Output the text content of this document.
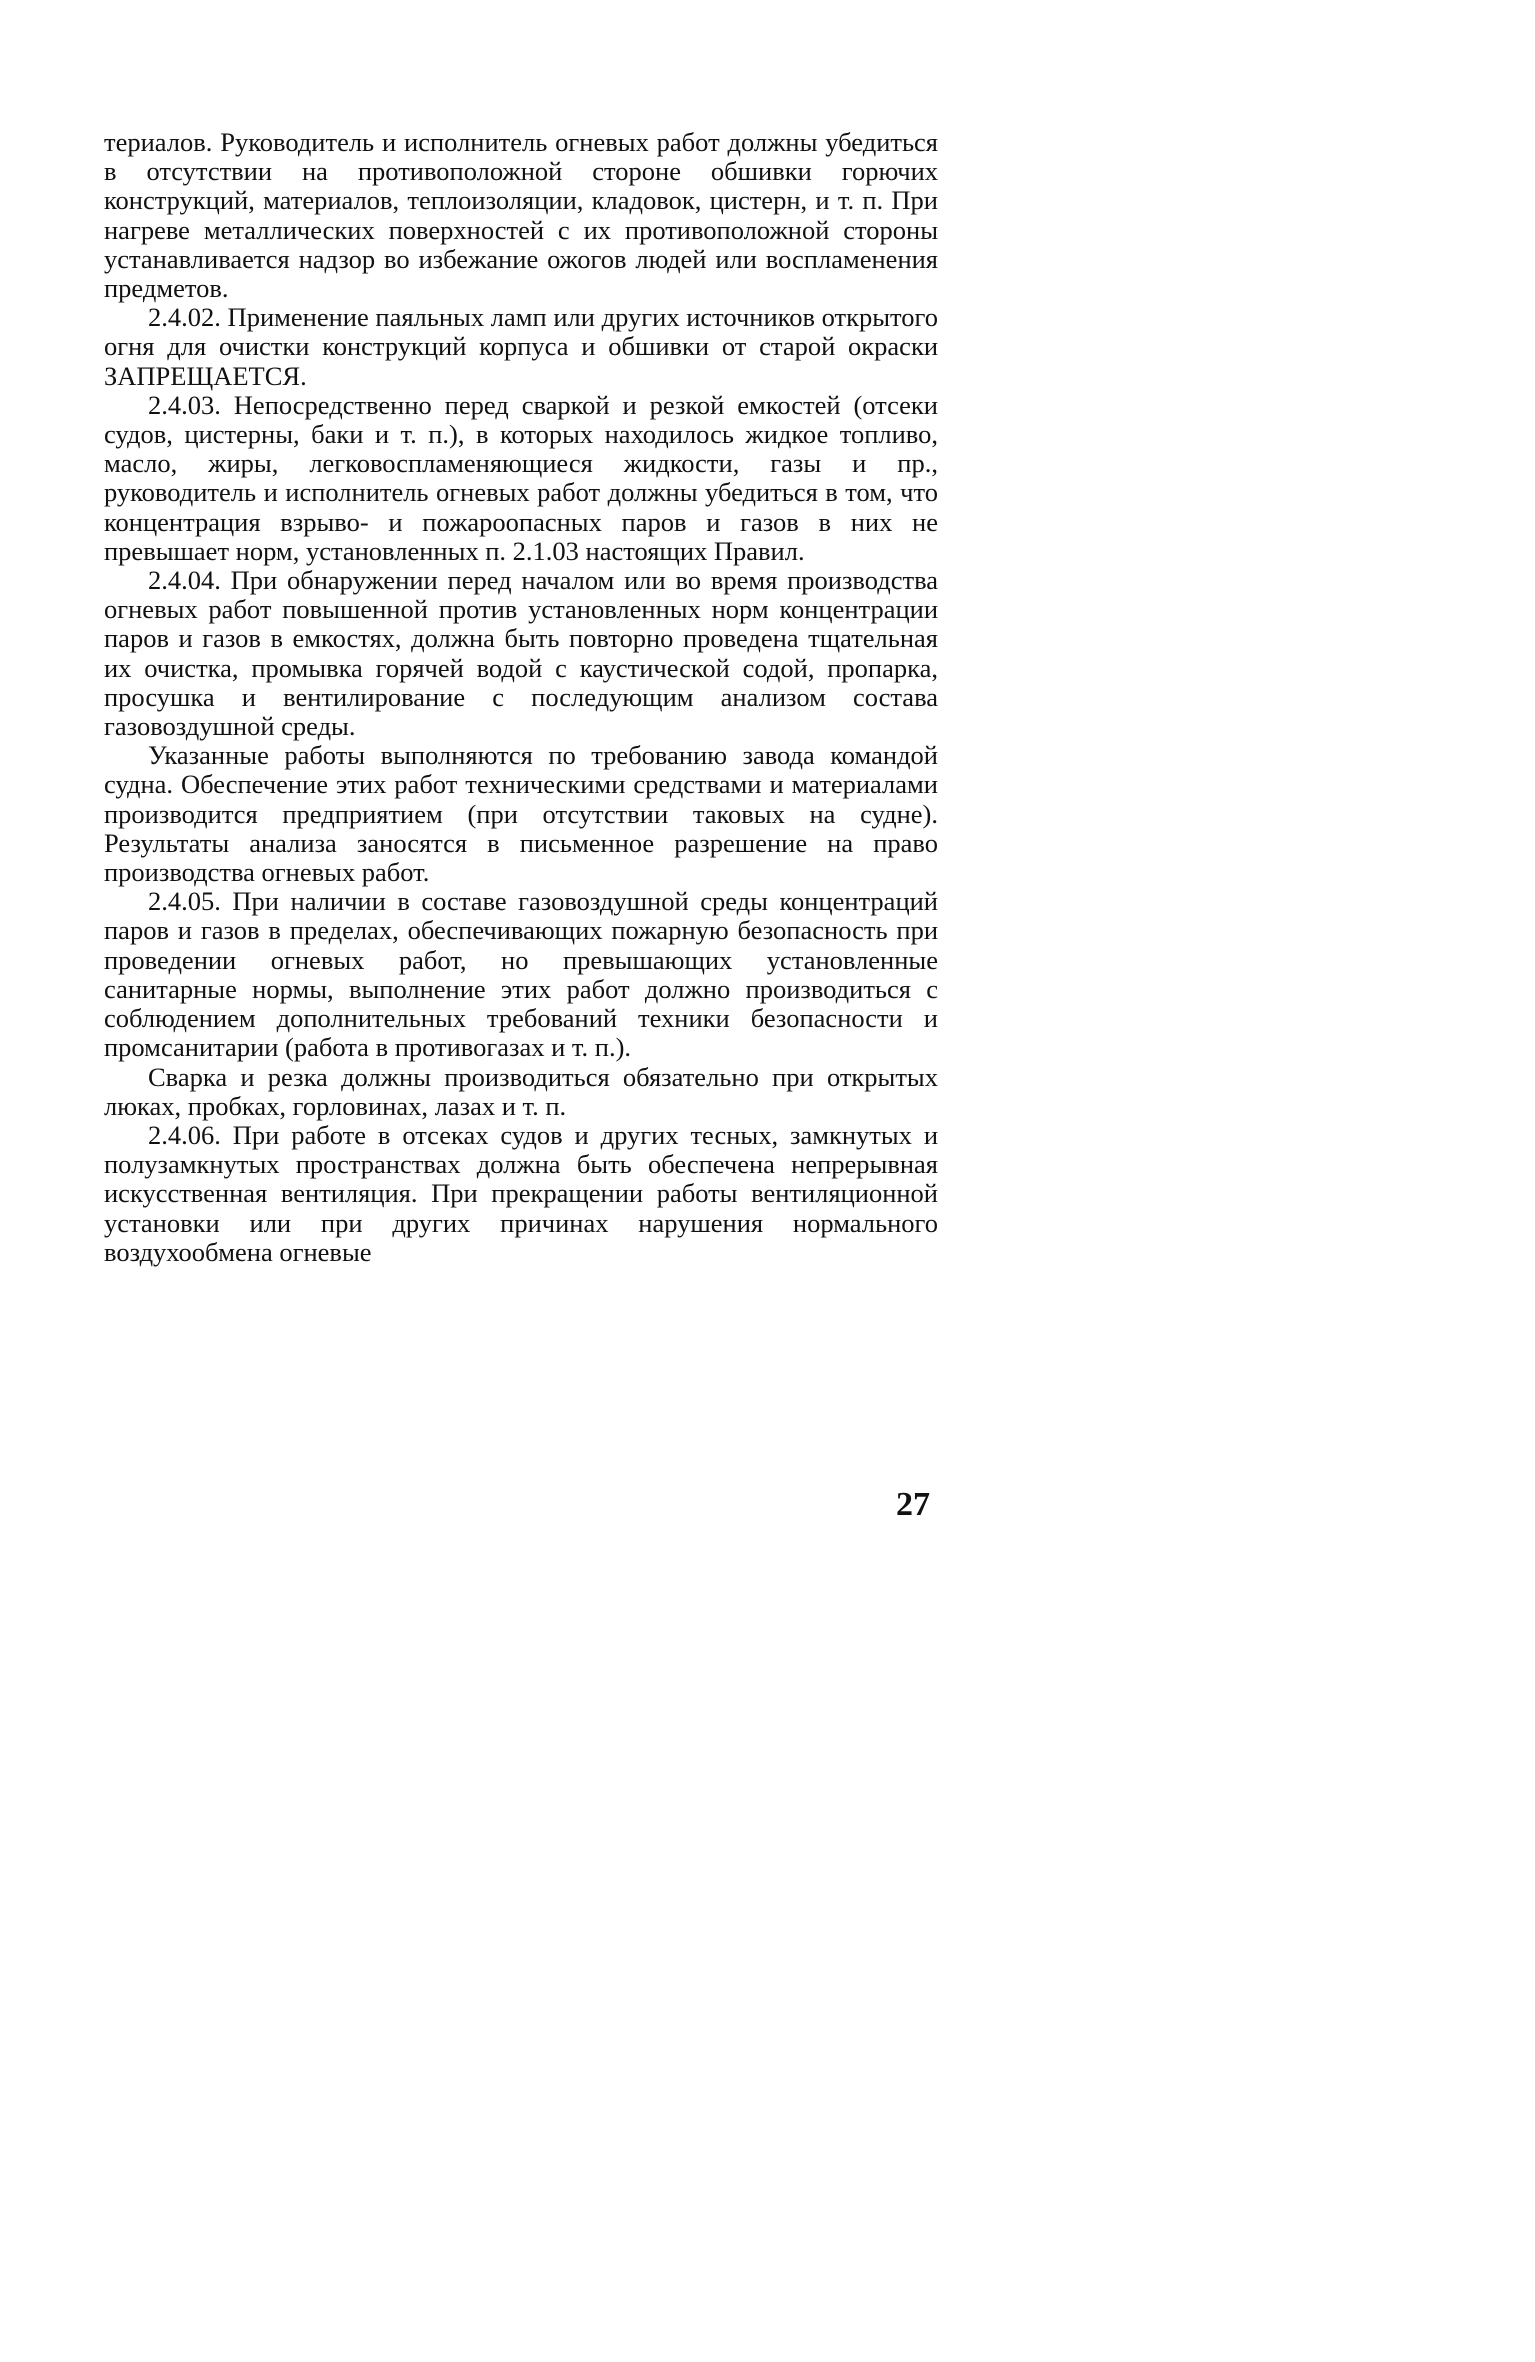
териалов. Руководитель и исполнитель огневых работ должны убедиться в отсутствии на противоположной стороне обшивки горючих конструкций, материалов, теплоизоляции, кладовок, цистерн, и т. п. При нагреве металлических поверхностей с их противоположной стороны устанавливается надзор во избежание ожогов людей или воспламенения предметов.

2.4.02. Применение паяльных ламп или других источников открытого огня для очистки конструкций корпуса и обшивки от старой окраски ЗАПРЕЩАЕТСЯ.

2.4.03. Непосредственно перед сваркой и резкой емкостей (отсеки судов, цистерны, баки и т. п.), в которых находилось жидкое топливо, масло, жиры, легковоспламеняющиеся жидкости, газы и пр., руководитель и исполнитель огневых работ должны убедиться в том, что концентрация взрыво- и пожароопасных паров и газов в них не превышает норм, установленных п. 2.1.03 настоящих Правил.

2.4.04. При обнаружении перед началом или во время производства огневых работ повышенной против установленных норм концентрации паров и газов в емкостях, должна быть повторно проведена тщательная их очистка, промывка горячей водой с каустической содой, пропарка, просушка и вентилирование с последующим анализом состава газовоздушной среды.

Указанные работы выполняются по требованию завода командой судна. Обеспечение этих работ техническими средствами и материалами производится предприятием (при отсутствии таковых на судне). Результаты анализа заносятся в письменное разрешение на право производства огневых работ.

2.4.05. При наличии в составе газовоздушной среды концентраций паров и газов в пределах, обеспечивающих пожарную безопасность при проведении огневых работ, но превышающих установленные санитарные нормы, выполнение этих работ должно производиться с соблюдением дополнительных требований техники безопасности и промсанитарии (работа в противогазах и т. п.).

Сварка и резка должны производиться обязательно при открытых люках, пробках, горловинах, лазах и т. п.

2.4.06. При работе в отсеках судов и других тесных, замкнутых и полузамкнутых пространствах должна быть обеспечена непрерывная искусственная вентиляция. При прекращении работы вентиляционной установки или при других причинах нарушения нормального воздухообмена огневые

27
